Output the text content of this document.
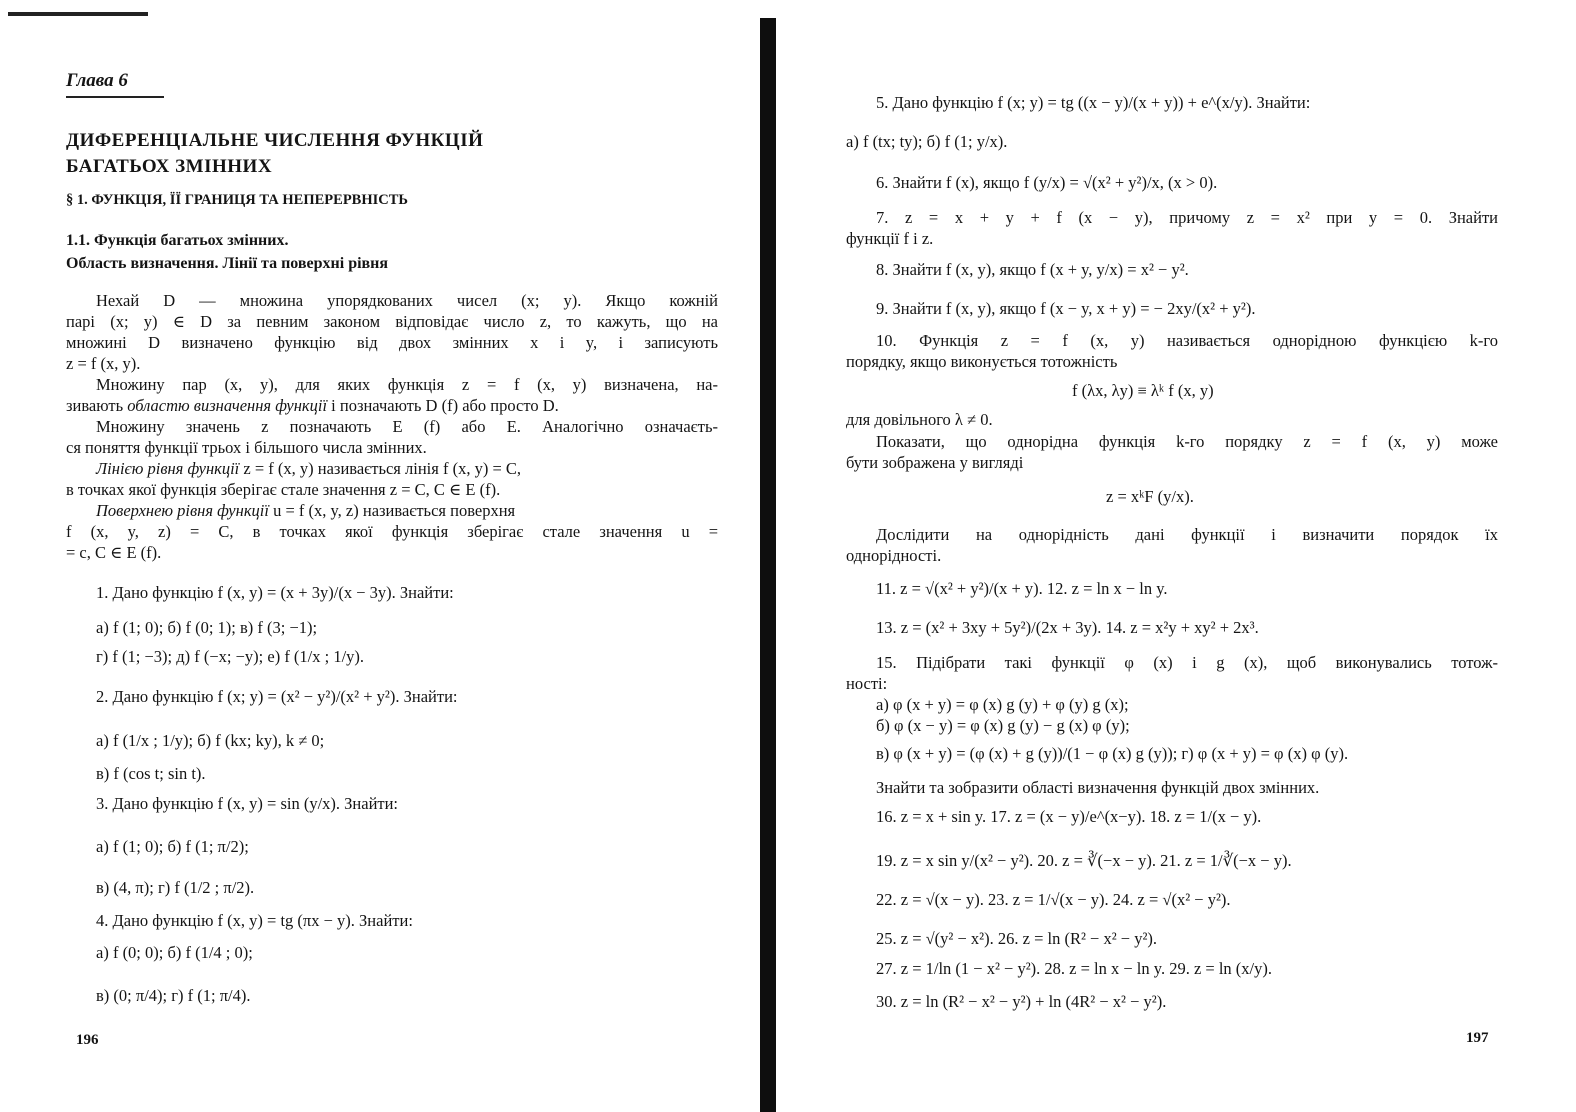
Глава 6
ДИФЕРЕНЦІАЛЬНЕ ЧИСЛЕННЯ ФУНКЦІЙ
БАГАТЬОХ ЗМІННИХ
§ 1. ФУНКЦІЯ, ЇЇ ГРАНИЦЯ ТА НЕПЕРЕРВНІСТЬ
1.1. Функція багатьох змінних.
Область визначення. Лінії та поверхні рівня
Нехай D — множина упорядкованих чисел (x; y). Якщо кожній
парі (x; y) ∈ D за певним законом відповідає число z, то кажуть, що на
множині D визначено функцію від двох змінних x і y, і записують
z = f (x, y).
Множину пар (x, y), для яких функція z = f (x, y) визначена, на-
зивають областю визначення функції і позначають D (f) або просто D.
Множину значень z позначають E (f) або E. Аналогічно означаєть-
ся поняття функції трьох і більшого числа змінних.
Лінією рівня функції z = f (x, y) називається лінія f (x, y) = C,
в точках якої функція зберігає стале значення z = C, C ∈ E (f).
Поверхнею рівня функції u = f (x, y, z) називається поверхня
f (x, y, z) = C, в точках якої функція зберігає стале значення u =
= c, C ∈ E (f).
1. Дано функцію f (x, y) = (x + 3y)/(x − 3y). Знайти:
а) f (1; 0); б) f (0; 1); в) f (3; −1);
г) f (1; −3); д) f (−x; −y); е) f (1/x ; 1/y).
2. Дано функцію f (x; y) = (x² − y²)/(x² + y²). Знайти:
а) f (1/x ; 1/y); б) f (kx; ky), k ≠ 0;
в) f (cos t; sin t).
3. Дано функцію f (x, y) = sin (y/x). Знайти:
а) f (1; 0); б) f (1; π/2);
в) (4, π); г) f (1/2 ; π/2).
4. Дано функцію f (x, y) = tg (πx − y). Знайти:
а) f (0; 0); б) f (1/4 ; 0);
в) (0; π/4); г) f (1; π/4).
196
5. Дано функцію f (x; y) = tg ((x − y)/(x + y)) + e^(x/y). Знайти:
а) f (tx; ty); б) f (1; y/x).
6. Знайти f (x), якщо f (y/x) = √(x² + y²)/x, (x > 0).
7. z = x + y + f (x − y), причому z = x² при y = 0. Знайти
функції f і z.
8. Знайти f (x, y), якщо f (x + y, y/x) = x² − y².
9. Знайти f (x, y), якщо f (x − y, x + y) = − 2xy/(x² + y²).
10. Функція z = f (x, y) називається однорідною функцією k-го
порядку, якщо виконується тотожність
f (λx, λy) ≡ λᵏ f (x, y)
для довільного λ ≠ 0.
Показати, що однорідна функція k-го порядку z = f (x, y) може
бути зображена у вигляді
z = xᵏF (y/x).
Дослідити на однорідність дані функції і визначити порядок їх
однорідності.
11. z = √(x² + y²)/(x + y). 12. z = ln x − ln y.
13. z = (x² + 3xy + 5y²)/(2x + 3y). 14. z = x²y + xy² + 2x³.
15. Підібрати такі функції φ (x) і g (x), щоб виконувались тотож-
ності:
а) φ (x + y) = φ (x) g (y) + φ (y) g (x);
б) φ (x − y) = φ (x) g (y) − g (x) φ (y);
в) φ (x + y) = (φ (x) + g (y))/(1 − φ (x) g (y)); г) φ (x + y) = φ (x) φ (y).
Знайти та зобразити області визначення функцій двох змінних.
16. z = x + sin y. 17. z = (x − y)/e^(x−y). 18. z = 1/(x − y).
19. z = x sin y/(x² − y²). 20. z = ∛(−x − y). 21. z = 1/∛(−x − y).
22. z = √(x − y). 23. z = 1/√(x − y). 24. z = √(x² − y²).
25. z = √(y² − x²). 26. z = ln (R² − x² − y²).
27. z = 1/ln (1 − x² − y²). 28. z = ln x − ln y. 29. z = ln (x/y).
30. z = ln (R² − x² − y²) + ln (4R² − x² − y²).
197
